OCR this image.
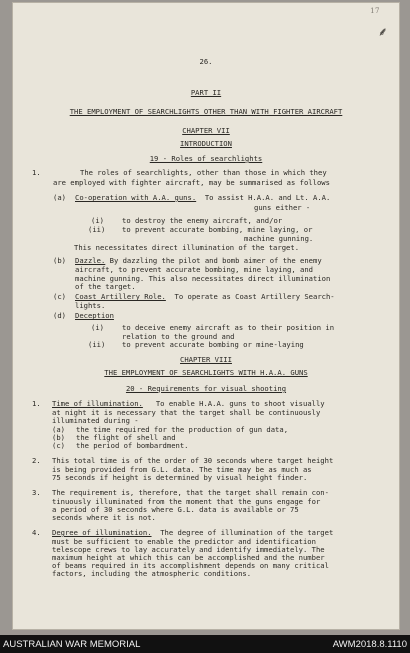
17
⸙
26.
PART II
THE EMPLOYMENT OF SEARCHLIGHTS OTHER THAN WITH FIGHTER AIRCRAFT
CHAPTER VII
INTRODUCTION
19 - Roles of searchlights
1.	The roles of searchlights, other than those in which they
are employed with fighter aircraft, may be summarised as follows
(a) Co-operation with A.A. guns. To assist H.A.A. and Lt. A.A.
guns either -
(i)	to destroy the enemy aircraft, and/or
(ii) to prevent accurate bombing, mine laying, or
machine gunning.
This necessitates direct illumination of the target.
(b) Dazzle. By dazzling the pilot and bomb aimer of the enemy
aircraft, to prevent accurate bombing, mine laying, and
machine gunning. This also necessitates direct illumination
of the target.
(c) Coast Artillery Role. To operate as Coast Artillery Search-
lights.
(d) Deception
(i)	to deceive enemy aircraft as to their position in
relation to the ground and
(ii) to prevent accurate bombing or mine-laying
CHAPTER VIII
THE EMPLOYMENT OF SEARCHLIGHTS WITH H.A.A. GUNS
20 - Requirements for visual shooting
1. Time of illumination. To enable H.A.A. guns to shoot visually
at night it is necessary that the target shall be continuously
illuminated during -
(a) the time required for the production of gun data,
(b) the flight of shell and
(c) the period of bombardment.
2. This total time is of the order of 30 seconds where target height
is being provided from G.L. data. The time may be as much as
75 seconds if height is determined by visual height finder.
3. The requirement is, therefore, that the target shall remain con-
tinuously illuminated from the moment that the guns engage for
a period of 30 seconds where G.L. data is available or 75
seconds where it is not.
4. Degree of illumination. The degree of illumination of the target
must be sufficient to enable the predictor and identification
telescope crews to lay accurately and identify immediately. The
maximum height at which this can be accomplished and the number
of beams required in its accomplishment depends on many critical
factors, including the atmospheric conditions.
AUSTRALIAN WAR MEMORIAL	AWM2018.8.1110
